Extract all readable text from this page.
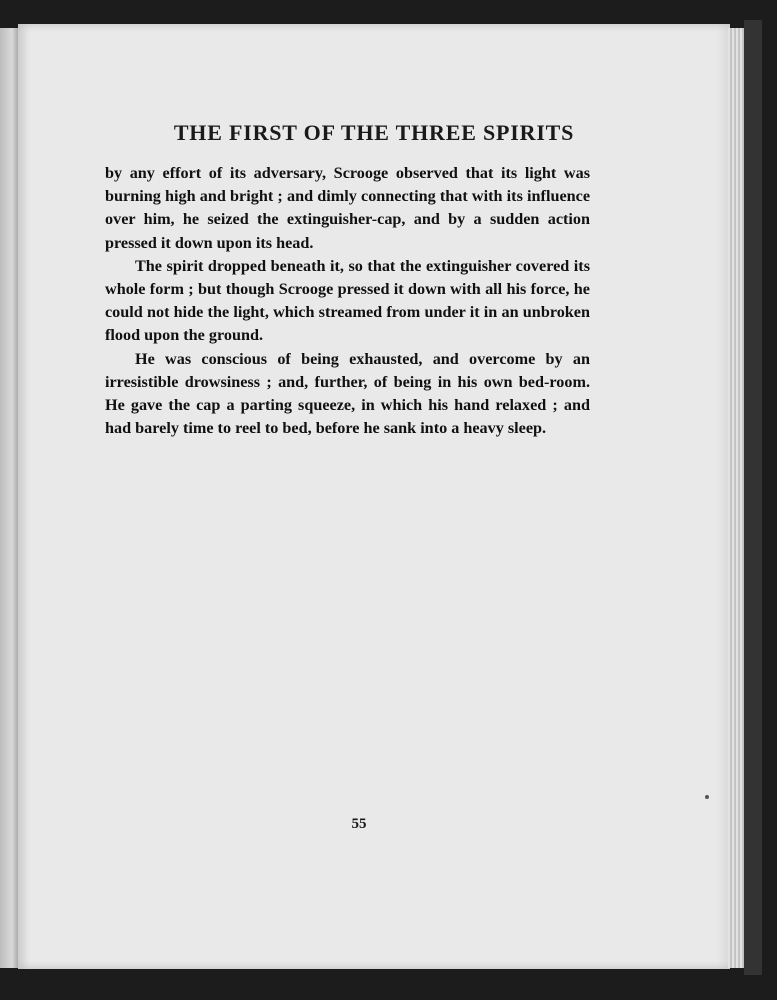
THE FIRST OF THE THREE SPIRITS

by any effort of its adversary, Scrooge observed that its light was burning high and bright ; and dimly connecting that with its influence over him, he seized the extinguisher-cap, and by a sudden action pressed it down upon its head.

The spirit dropped beneath it, so that the extinguisher covered its whole form ; but though Scrooge pressed it down with all his force, he could not hide the light, which streamed from under it in an unbroken flood upon the ground.

He was conscious of being exhausted, and overcome by an irresistible drowsiness ; and, further, of being in his own bed-room. He gave the cap a parting squeeze, in which his hand relaxed ; and had barely time to reel to bed, before he sank into a heavy sleep.

55
